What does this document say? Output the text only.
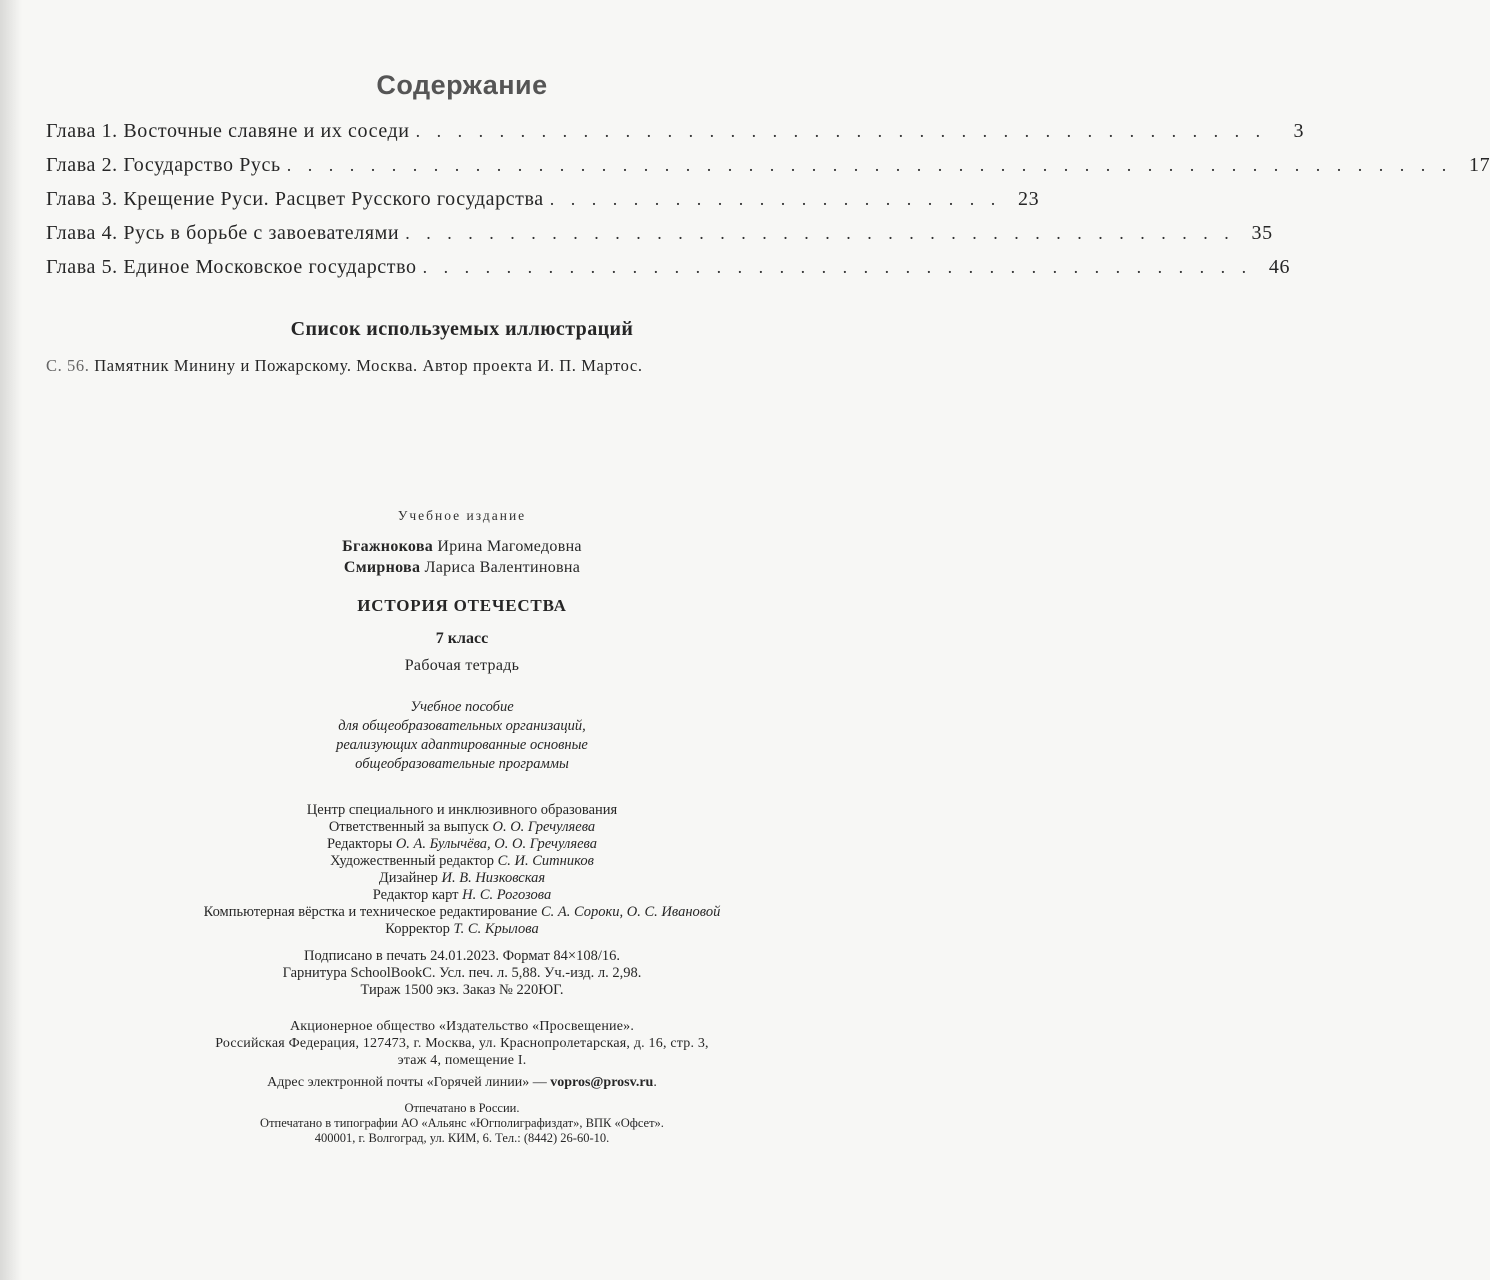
Содержание
Глава 1. Восточные славяне и их соседи . . . . . . . . . . . . . . . . . . . . . . . . . . . . . . . . . . . . . . . . .	3
Глава 2. Государство Русь . . . . . . . . . . . . . . . . . . . . . . . . . . . . . . . . . . . . . . . . . . . . . . . . . . . . . . . . 17
Глава 3. Крещение Руси. Расцвет Русского государства . . . . . . . . . . . . . . . . . . . . . . 23
Глава 4. Русь в борьбе с завоевателями . . . . . . . . . . . . . . . . . . . . . . . . . . . . . . . . . . . . . . . . 35
Глава 5. Единое Московское государство . . . . . . . . . . . . . . . . . . . . . . . . . . . . . . . . . . . . . . . . 46
Список используемых иллюстраций
С. 56. Памятник Минину и Пожарскому. Москва. Автор проекта И. П. Мартос.
Учебное издание
Бгажнокова Ирина Магомедовна
Смирнова Лариса Валентиновна
ИСТОРИЯ ОТЕЧЕСТВА
7 класс
Рабочая тетрадь
Учебное пособие
для общеобразовательных организаций,
реализующих адаптированные основные
общеобразовательные программы
Центр специального и инклюзивного образования
Ответственный за выпуск О. О. Гречуляева
Редакторы О. А. Булычёва, О. О. Гречуляева
Художественный редактор С. И. Ситников
Дизайнер И. В. Низковская
Редактор карт Н. С. Рогозова
Компьютерная вёрстка и техническое редактирование С. А. Сороки, О. С. Ивановой
Корректор Т. С. Крылова
Подписано в печать 24.01.2023. Формат 84×108/16.
Гарнитура SchoolBookC. Усл. печ. л. 5,88. Уч.-изд. л. 2,98.
Тираж 1500 экз. Заказ № 220ЮГ.
Акционерное общество «Издательство «Просвещение».
Российская Федерация, 127473, г. Москва, ул. Краснопролетарская, д. 16, стр. 3,
этаж 4, помещение I.
Адрес электронной почты «Горячей линии» — vopros@prosv.ru.
Отпечатано в России.
Отпечатано в типографии АО «Альянс «Югполиграфиздат», ВПК «Офсет».
400001, г. Волгоград, ул. КИМ, 6. Тел.: (8442) 26-60-10.
